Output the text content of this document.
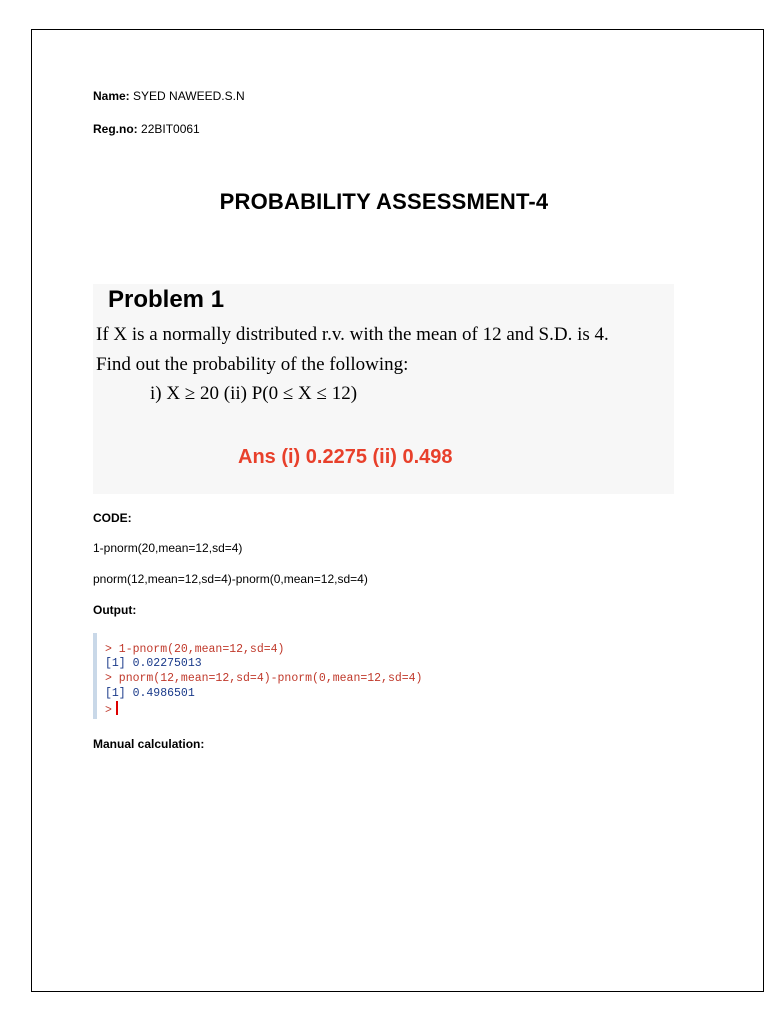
Name: SYED NAWEED.S.N
Reg.no: 22BIT0061
PROBABILITY ASSESSMENT-4
Problem 1
If X is a normally distributed r.v. with the mean of 12 and S.D. is 4.
Find out the probability of the following:
i) X ≥ 20 (ii) P(0 ≤ X ≤ 12)
Ans (i) 0.2275 (ii) 0.498
CODE:
1-pnorm(20,mean=12,sd=4)
pnorm(12,mean=12,sd=4)-pnorm(0,mean=12,sd=4)
Output:
> 1-pnorm(20,mean=12,sd=4)
[1] 0.02275013
> pnorm(12,mean=12,sd=4)-pnorm(0,mean=12,sd=4)
[1] 0.4986501
>
Manual calculation:
